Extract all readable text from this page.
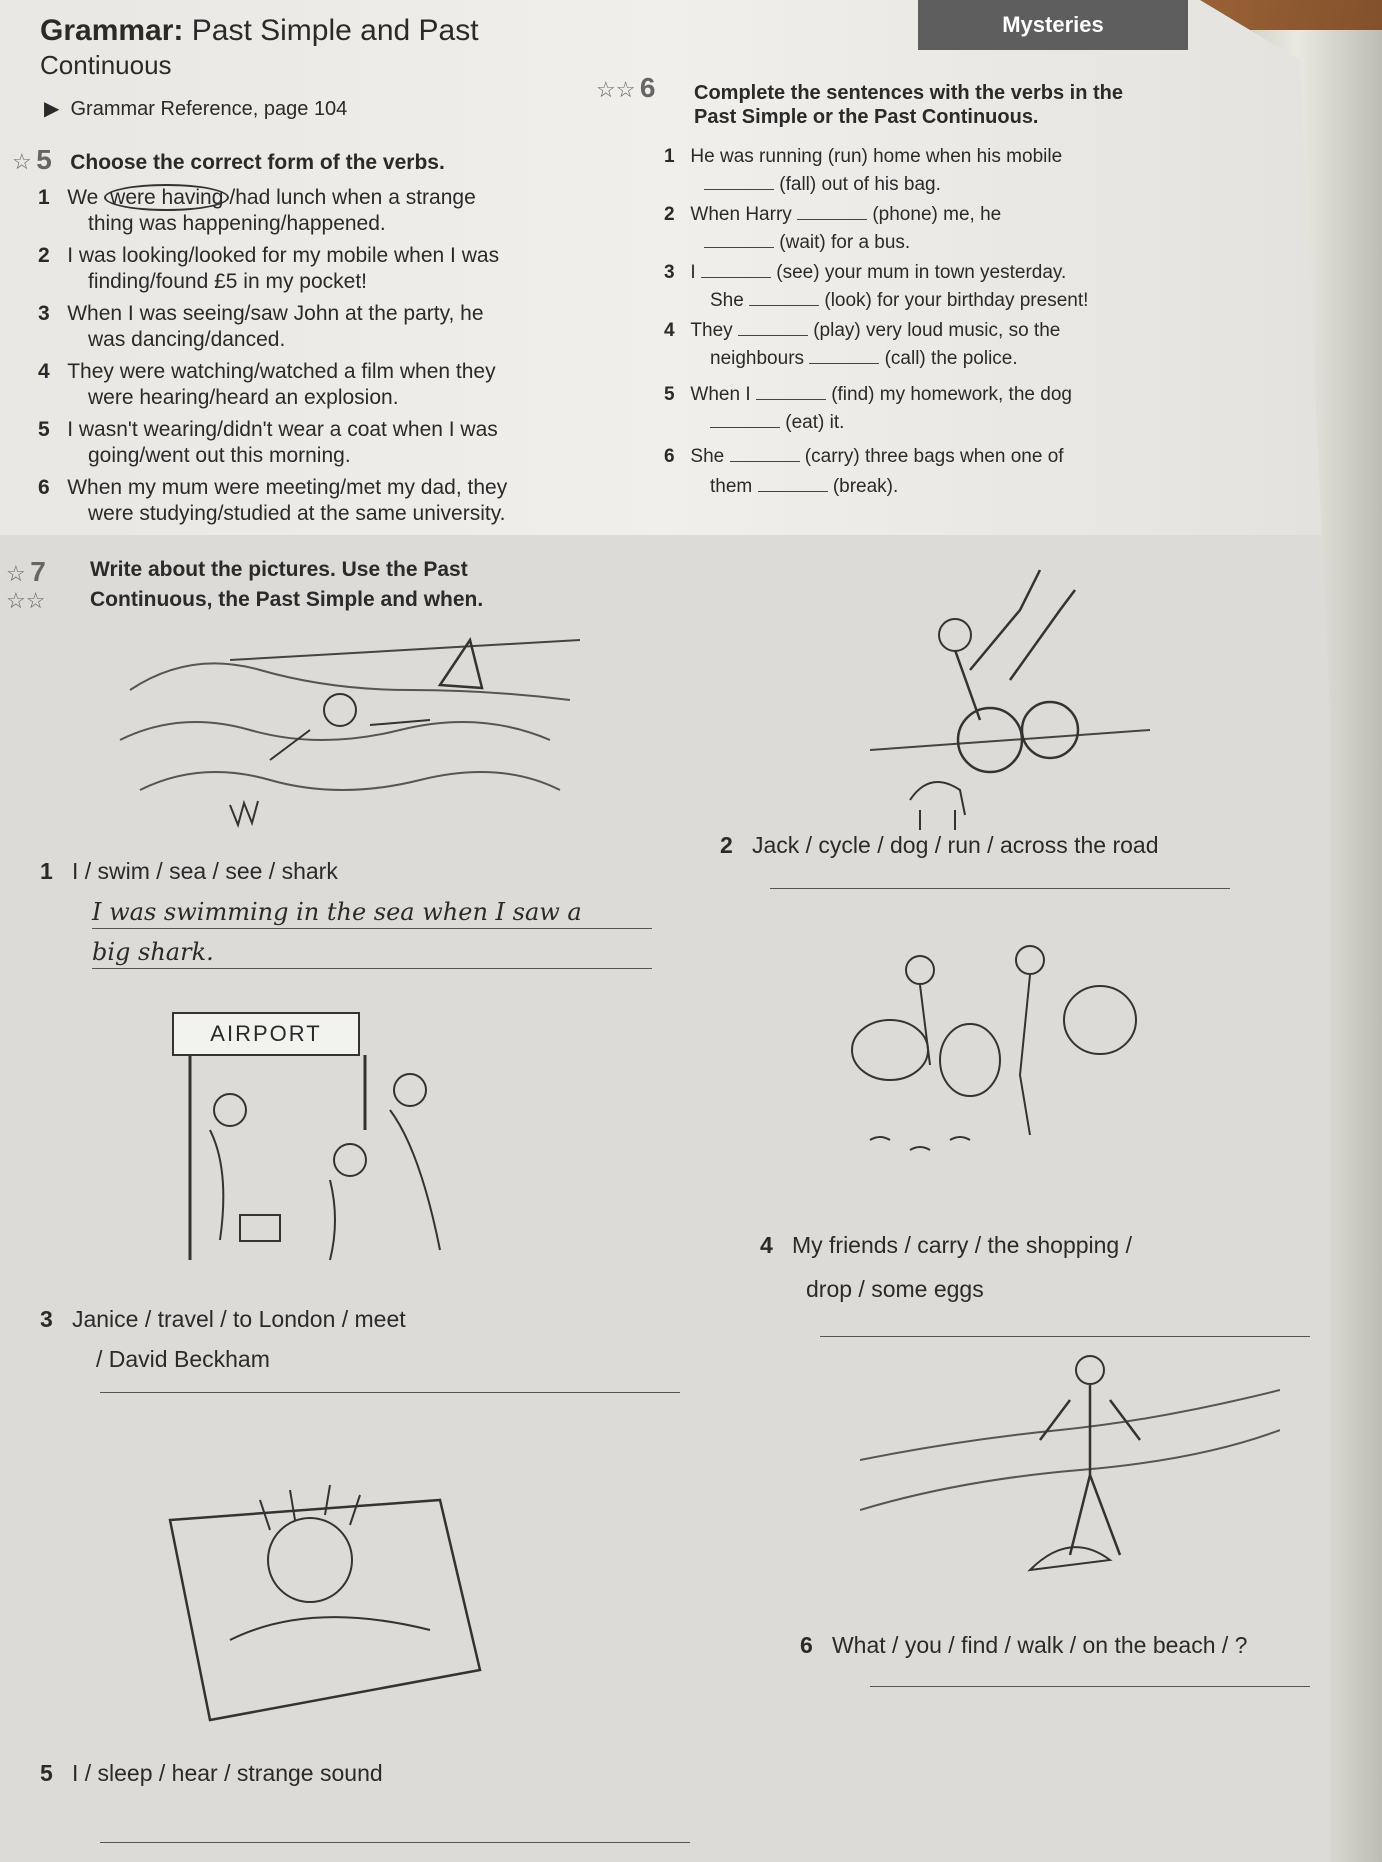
Mysteries
Grammar: Past Simple and Past
Continuous
▶  Grammar Reference, page 104
☆ 5 Choose the correct form of the verbs.
1 We were having /had lunch when a strange
thing was happening/happened.
2 I was looking/looked for my mobile when I was
finding/found £5 in my pocket!
3 When I was seeing/saw John at the party, he
was dancing/danced.
4 They were watching/watched a film when they
were hearing/heard an explosion.
5 I wasn't wearing/didn't wear a coat when I was
going/went out this morning.
6 When my mum were meeting/met my dad, they
were studying/studied at the same university.
☆☆ 6 Complete the sentences with the verbs in the
Past Simple or the Past Continuous.
1 He was running (run) home when his mobile
(fall) out of his bag.
2 When Harry	(phone) me, he
(wait) for a bus.
3 I	(see) your mum in town yesterday.
She	(look) for your birthday present!
4 They	(play) very loud music, so the
neighbours	(call) the police.
5 When I	(find) my homework, the dog
(eat) it.
6 She	(carry) three bags when one of
them	(break).
☆ 7 Write about the pictures. Use the Past
☆☆ Continuous, the Past Simple and when.
1 I / swim / sea / see / shark
I was swimming in the sea when I saw a
big shark.
2 Jack / cycle / dog / run / across the road
AIRPORT
3 Janice / travel / to London / meet
/ David Beckham
4 My friends / carry / the shopping /
drop / some eggs
5 I / sleep / hear / strange sound
6 What / you / find / walk / on the beach / ?
